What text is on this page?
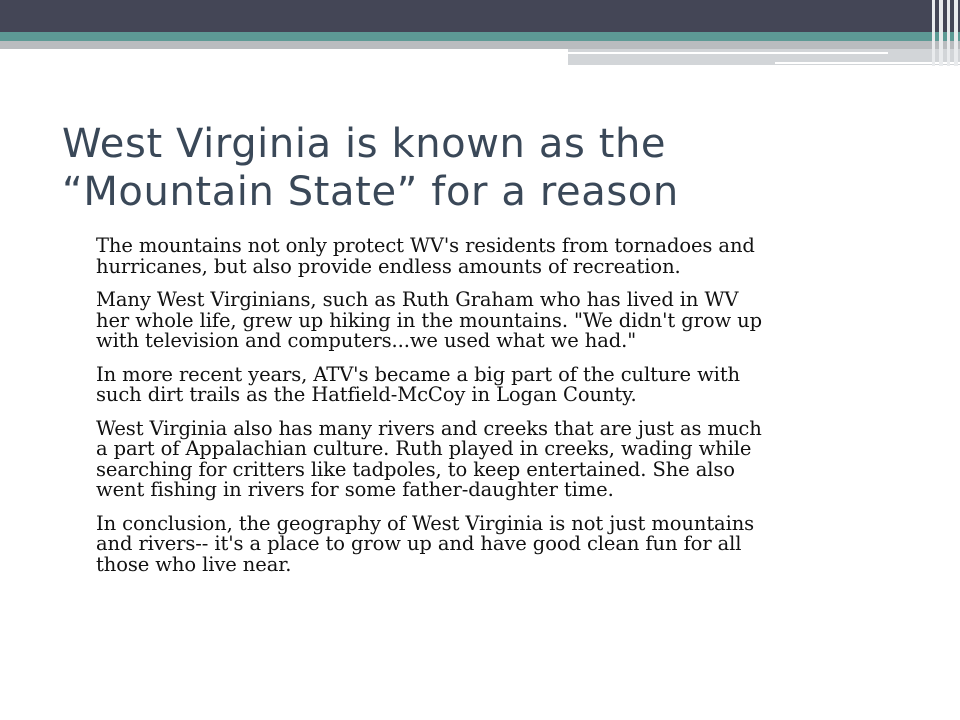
West Virginia is known as the
“Mountain State” for a reason
The mountains not only protect WV's residents from tornadoes and
hurricanes, but also provide endless amounts of recreation.
Many West Virginians, such as Ruth Graham who has lived in WV
her whole life, grew up hiking in the mountains. "We didn't grow up
with television and computers...we used what we had."
In more recent years, ATV's became a big part of the culture with
such dirt trails as the Hatfield-McCoy in Logan County.
West Virginia also has many rivers and creeks that are just as much
a part of Appalachian culture. Ruth played in creeks, wading while
searching for critters like tadpoles, to keep entertained. She also
went fishing in rivers for some father-daughter time.
In conclusion, the geography of West Virginia is not just mountains
and rivers-- it's a place to grow up and have good clean fun for all
those who live near.
